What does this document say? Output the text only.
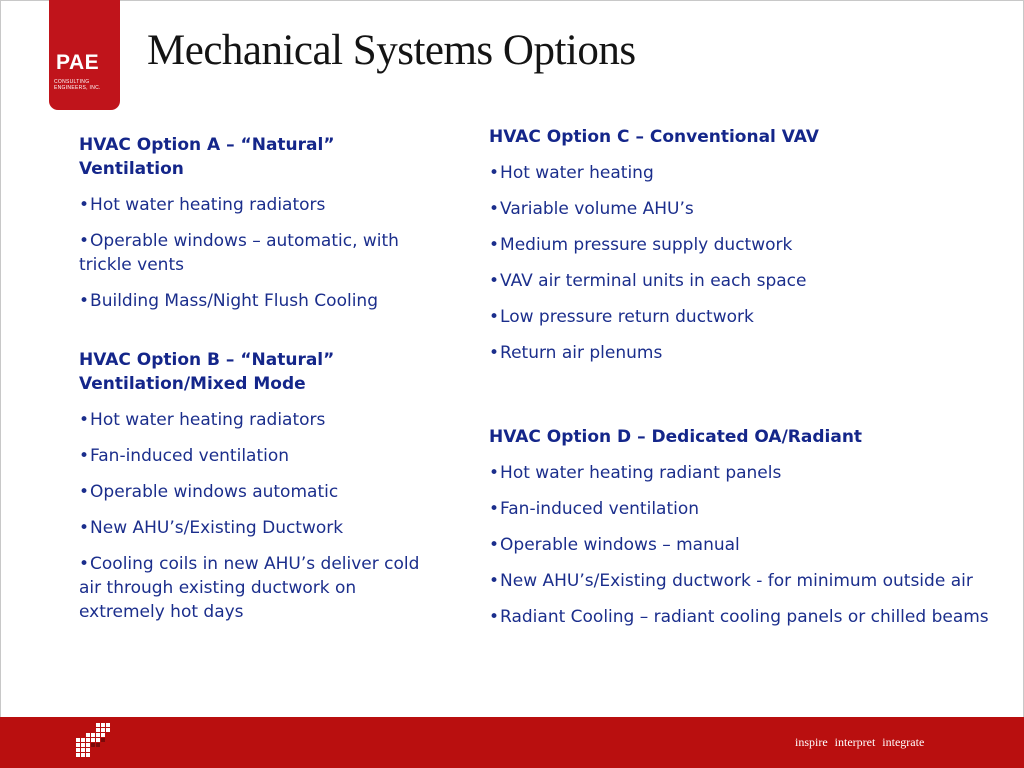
PAE
CONSULTING ENGINEERS, INC.
Mechanical Systems Options
HVAC Option A – “Natural” Ventilation
•Hot water heating radiators
•Operable windows – automatic, with trickle vents
•Building Mass/Night Flush Cooling
HVAC Option B – “Natural” Ventilation/Mixed Mode
•Hot water heating radiators
•Fan-induced ventilation
•Operable windows automatic
•New AHU’s/Existing Ductwork
•Cooling coils in new AHU’s deliver cold air through existing ductwork on extremely hot days
HVAC Option C – Conventional VAV
•Hot water heating
•Variable volume AHU’s
•Medium pressure supply ductwork
•VAV air terminal units in each space
•Low pressure return ductwork
•Return air plenums
HVAC Option D – Dedicated OA/Radiant
•Hot water heating radiant panels
•Fan-induced ventilation
•Operable windows – manual
•New AHU’s/Existing ductwork - for minimum outside air
•Radiant Cooling – radiant cooling panels or chilled beams
inspire interpret integrate
